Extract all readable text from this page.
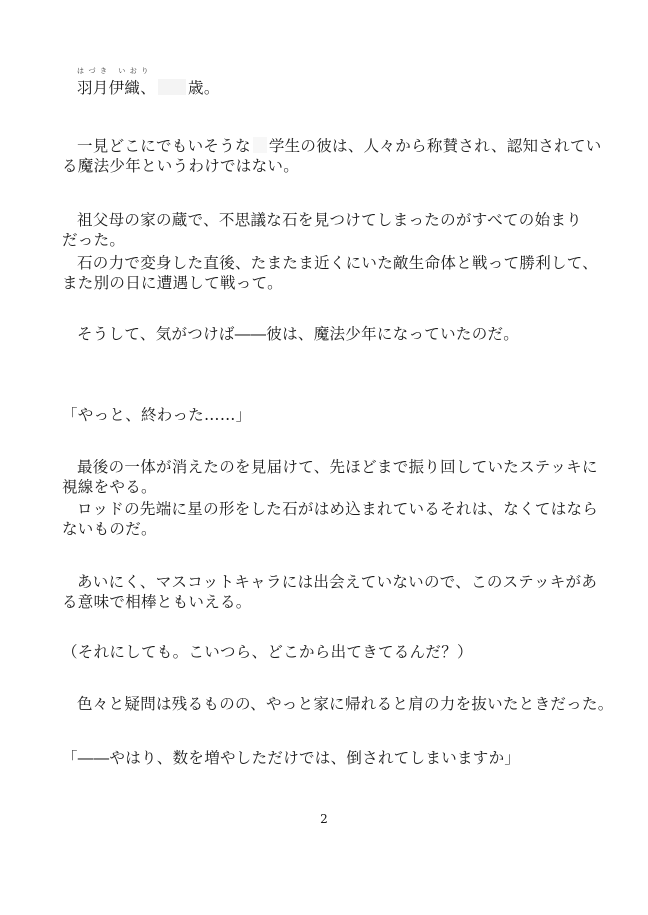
はづき いおり
羽月伊織、 歳。
一見どこにでもいそうな 学生の彼は、人々から称賛され、認知されてい
る魔法少年というわけではない。
祖父母の家の蔵で、不思議な石を見つけてしまったのがすべての始まり
だった。
石の力で変身した直後、たまたま近くにいた敵生命体と戦って勝利して、
また別の日に遭遇して戦って。
そうして、気がつけば――彼は、魔法少年になっていたのだ。
「やっと、終わった……」
最後の一体が消えたのを見届けて、先ほどまで振り回していたステッキに
視線をやる。
ロッドの先端に星の形をした石がはめ込まれているそれは、なくてはなら
ないものだ。
あいにく、マスコットキャラには出会えていないので、このステッキがあ
る意味で相棒ともいえる。
（それにしても。こいつら、どこから出てきてるんだ？）
色々と疑問は残るものの、やっと家に帰れると肩の力を抜いたときだった。
「――やはり、数を増やしただけでは、倒されてしまいますか」
2
